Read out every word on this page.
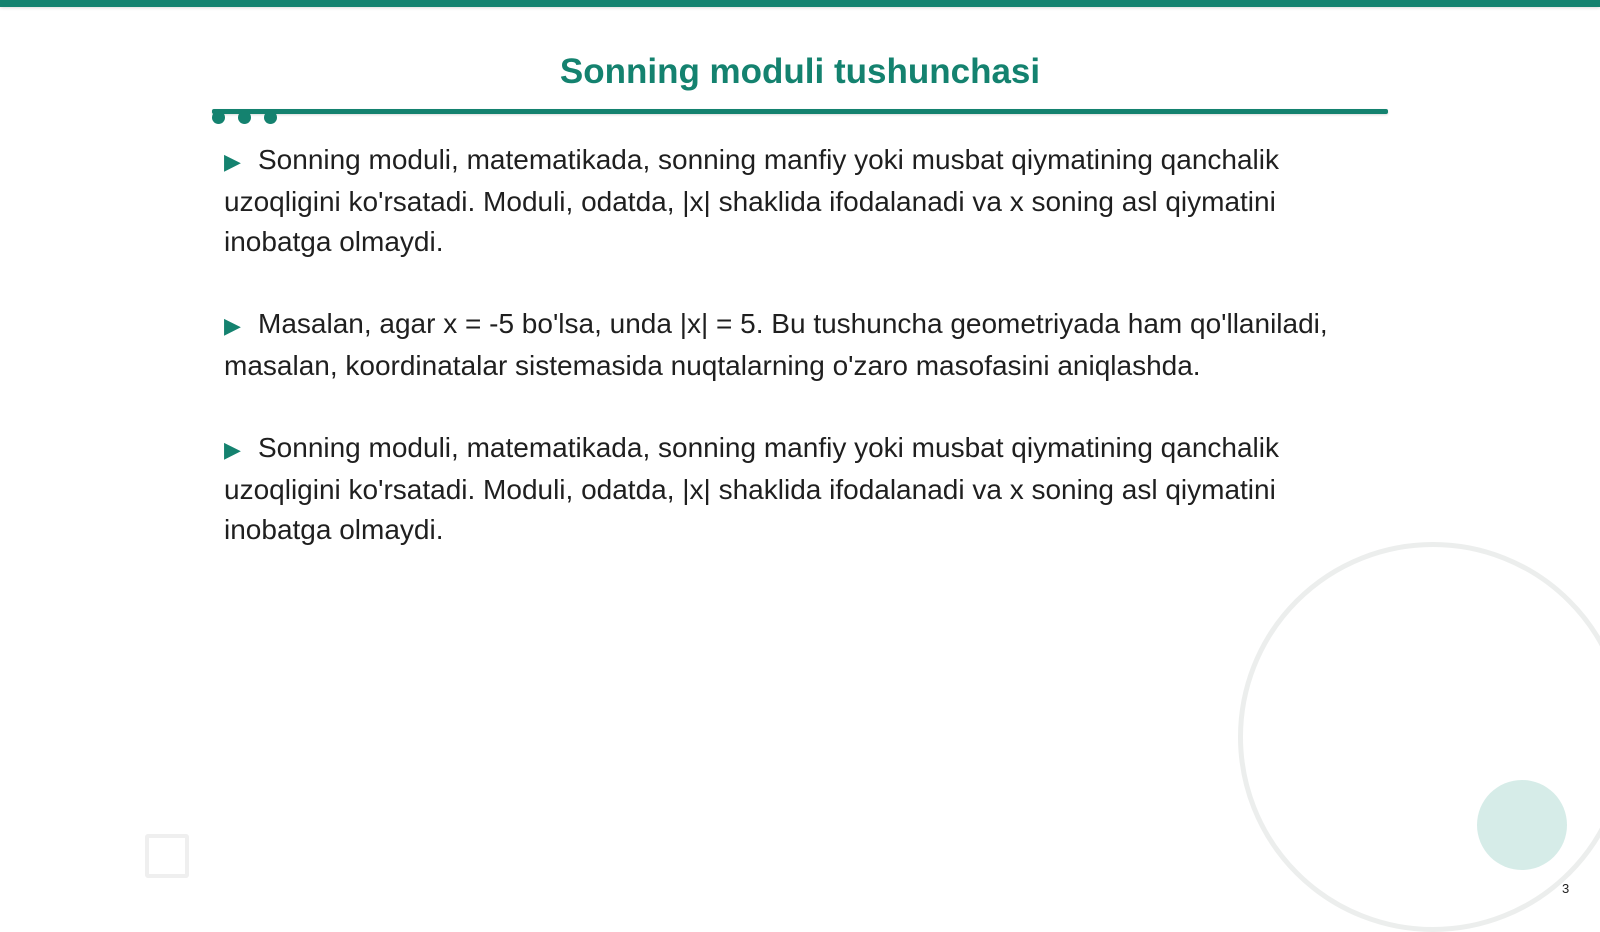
Sonning moduli tushunchasi

▶ Sonning moduli, matematikada, sonning manfiy yoki musbat qiymatining qanchalik uzoqligini ko'rsatadi. Moduli, odatda, |x| shaklida ifodalanadi va x soning asl qiymatini inobatga olmaydi.

▶ Masalan, agar x = -5 bo'lsa, unda |x| = 5. Bu tushuncha geometriyada ham qo'llaniladi, masalan, koordinatalar sistemasida nuqtalarning o'zaro masofasini aniqlashda.

▶ Sonning moduli, matematikada, sonning manfiy yoki musbat qiymatining qanchalik uzoqligini ko'rsatadi. Moduli, odatda, |x| shaklida ifodalanadi va x soning asl qiymatini inobatga olmaydi.

3
